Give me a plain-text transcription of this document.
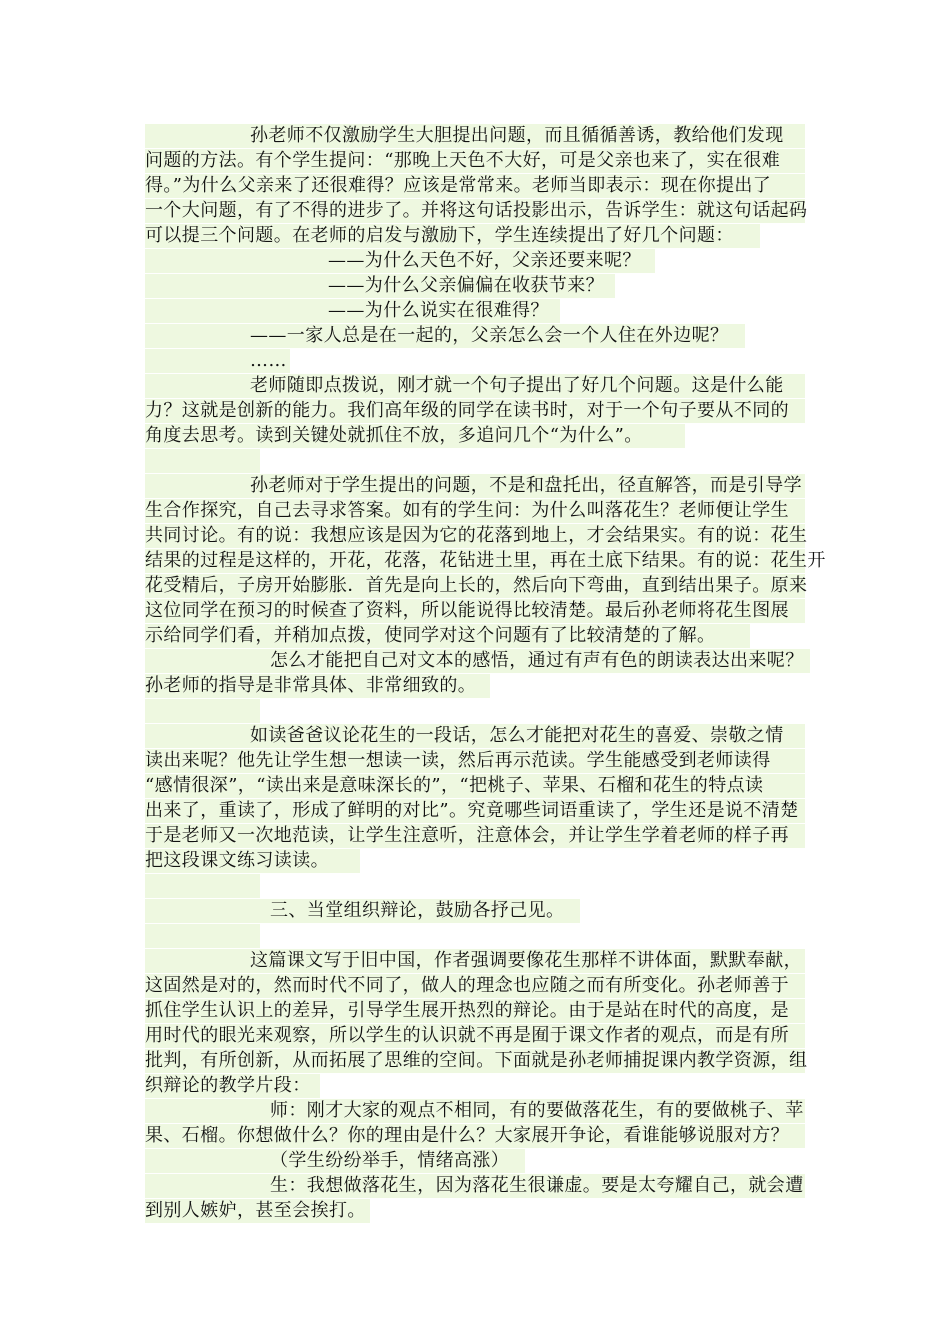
孙老师不仅激励学生大胆提出问题，而且循循善诱，教给他们发现
问题的方法。有个学生提问：“那晚上天色不大好，可是父亲也来了，实在很难
得。”为什么父亲来了还很难得？应该是常常来。老师当即表示：现在你提出了
一个大问题，有了不得的进步了。并将这句话投影出示，告诉学生：就这句话起码
可以提三个问题。在老师的启发与激励下，学生连续提出了好几个问题：
——为什么天色不好，父亲还要来呢？
——为什么父亲偏偏在收获节来？
——为什么说实在很难得？
——一家人总是在一起的，父亲怎么会一个人住在外边呢？
……
老师随即点拨说，刚才就一个句子提出了好几个问题。这是什么能
力？这就是创新的能力。我们高年级的同学在读书时，对于一个句子要从不同的
角度去思考。读到关键处就抓住不放，多追问几个“为什么”。
孙老师对于学生提出的问题，不是和盘托出，径直解答，而是引导学
生合作探究，自己去寻求答案。如有的学生问：为什么叫落花生？老师便让学生
共同讨论。有的说：我想应该是因为它的花落到地上，才会结果实。有的说：花生
结果的过程是这样的，开花，花落，花钻进土里，再在土底下结果。有的说：花生开
花受精后，子房开始膨胀．首先是向上长的，然后向下弯曲，直到结出果子。原来
这位同学在预习的时候查了资料，所以能说得比较清楚。最后孙老师将花生图展
示给同学们看，并稍加点拨，使同学对这个问题有了比较清楚的了解。
怎么才能把自己对文本的感悟，通过有声有色的朗读表达出来呢？
孙老师的指导是非常具体、非常细致的。
如读爸爸议论花生的一段话，怎么才能把对花生的喜爱、崇敬之情
读出来呢？他先让学生想一想读一读，然后再示范读。学生能感受到老师读得
“感情很深”，“读出来是意味深长的”，“把桃子、苹果、石榴和花生的特点读
出来了，重读了，形成了鲜明的对比”。究竟哪些词语重读了，学生还是说不清楚
于是老师又一次地范读，让学生注意听，注意体会，并让学生学着老师的样子再
把这段课文练习读读。
三、当堂组织辩论，鼓励各抒己见。
这篇课文写于旧中国，作者强调要像花生那样不讲体面，默默奉献，
这固然是对的，然而时代不同了，做人的理念也应随之而有所变化。孙老师善于
抓住学生认识上的差异，引导学生展开热烈的辩论。由于是站在时代的高度，是
用时代的眼光来观察，所以学生的认识就不再是囿于课文作者的观点，而是有所
批判，有所创新，从而拓展了思维的空间。下面就是孙老师捕捉课内教学资源，组
织辩论的教学片段：
师：刚才大家的观点不相同，有的要做落花生，有的要做桃子、苹
果、石榴。你想做什么？你的理由是什么？大家展开争论，看谁能够说服对方？
（学生纷纷举手，情绪高涨）
生：我想做落花生，因为落花生很谦虚。要是太夸耀自己，就会遭
到别人嫉妒，甚至会挨打。
